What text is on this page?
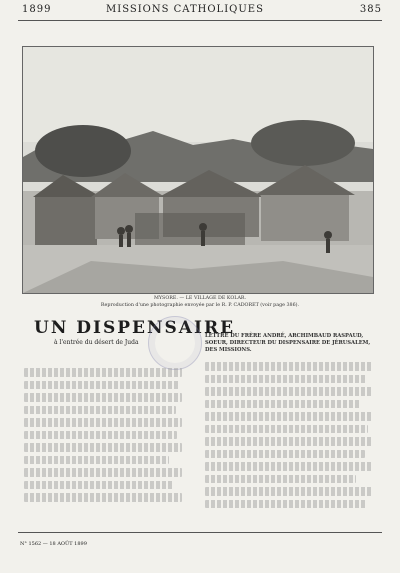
1899	MISSIONS CATHOLIQUES	385
MYSORE. — LE VILLAGE DE KOLAR.
Reproduction d'une photographie envoyée par le R. P. CADORET (voir page 386).
UN DISPENSAIRE
à l'entrée du désert de Juda
LETTRE DU FRÈRE ANDRÉ, ARCHIMBAUD RASPAUD, SOEUR, DIRECTEUR DU DISPENSAIRE DE JÉRUSALEM, DES MISSIONS.
N° 1562 — 18 AOÛT 1899
